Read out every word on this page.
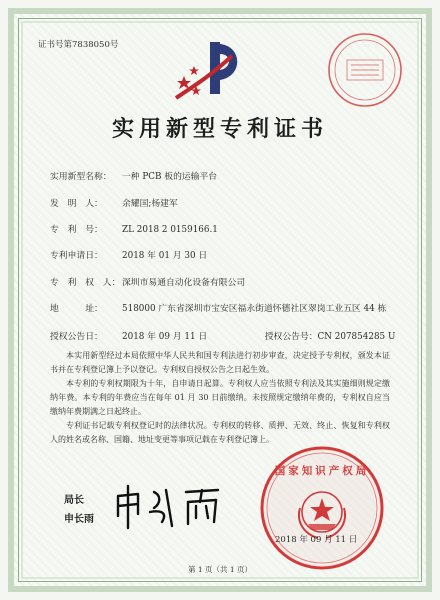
证书号第7838050号
实用新型专利证书
实用新型名称： 一种 PCB 板的运输平台
发　明　人： 余耀国;杨建军
专　利　号： ZL 2018 2 0159166.1
专利申请日： 2018 年 01 月 30 日
专　利　权　人： 深圳市易通自动化设备有限公司
地　　　址： 518000 广东省深圳市宝安区福永街道怀德社区翠岗工业五区 44 栋
授权公告日： 2018 年 09 月 11 日	授权公告号：CN 207854285 U

本实用新型经过本局依照中华人民共和国专利法进行初步审查，决定授予专利权，颁发本证书并在专利登记簿上予以登记。专利权自授权公告之日起生效。

本专利的专利权期限为十年，自申请日起算。专利权人应当依照专利法及其实施细则规定缴纳年费。本专利的年费应当在每年 01 月 30 日前缴纳。未按照规定缴纳年费的，专利权自应当缴纳年费期满之日起终止。

专利证书记载专利权登记时的法律状况。专利权的转移、质押、无效、终止、恢复和专利权人的姓名或名称、国籍、地址变更等事项记载在专利登记簿上。

局长
申长雨
国家知识产权局
2018 年 09 月 11 日
第 1 页（共 1 页）
